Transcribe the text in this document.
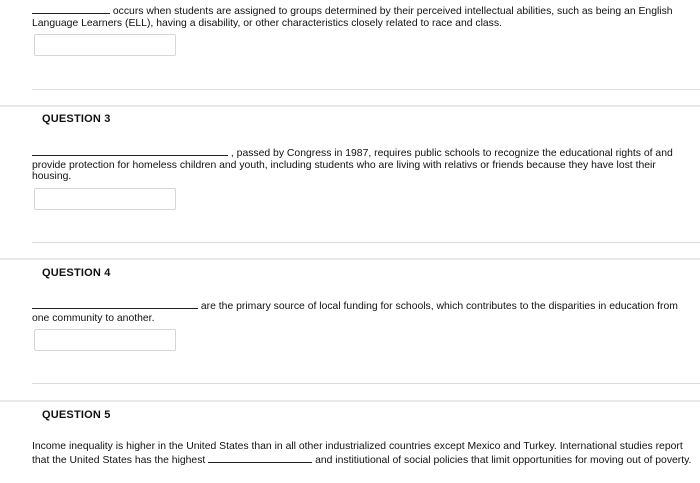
occurs when students are assigned to groups determined by their perceived intellectual abilities, such as being an English Language Learners (ELL), having a disability, or other characteristics closely related to race and class.
QUESTION 3
, passed by Congress in 1987, requires public schools to recognize the educational rights of and provide protection for homeless children and youth, including students who are living with relativs or friends because they have lost their housing.
QUESTION 4
are the primary source of local funding for schools, which contributes to the disparities in education from one community to another.
QUESTION 5
Income inequality is higher in the United States than in all other industrialized countries except Mexico and Turkey. International studies report that the United States has the highest	and institiutional of social policies that limit opportunities for moving out of poverty.
